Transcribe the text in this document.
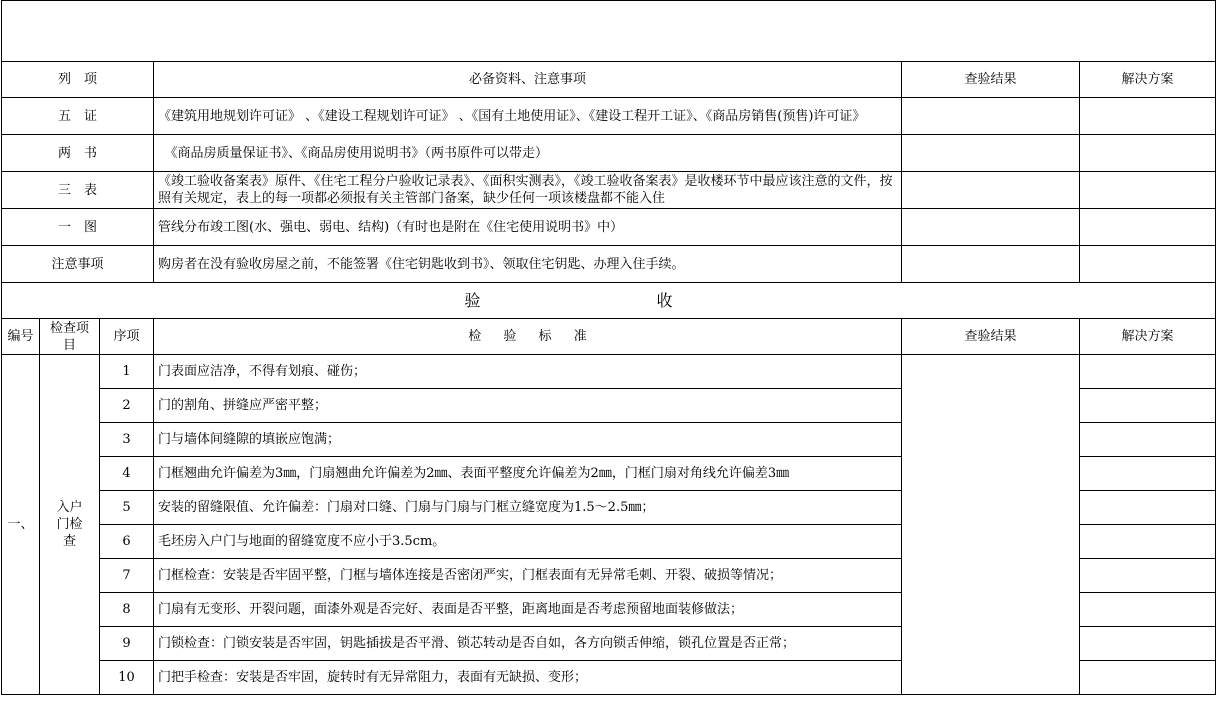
列　项			必备资料、注意事项	查验结果	解决方案
五　证			《建筑用地规划许可证》 、《建设工程规划许可证》 、《国有土地使用证》、《建设工程开工证》、《商品房销售(预售)许可证》		
两　书			　《商品房质量保证书》、《商品房使用说明书》（两书原件可以带走）		
三　表			《竣工验收备案表》原件、《住宅工程分户验收记录表》、《面积实测表》，《竣工验收备案表》是收楼环节中最应该注意的文件，按照有关规定，表上的每一项都必须报有关主管部门备案，缺少任何一项该楼盘都不能入住		
一　图			管线分布竣工图(水、强电、弱电、结构)（有时也是附在《住宅使用说明书》中）		
注意事项			购房者在没有验收房屋之前，不能签署《住宅钥匙收到书》、领取住宅钥匙、办理入住手续。		
验　收					
编号	检查项目	序项	检 验 标 准	查验结果	解决方案
一、	入户门检查	1	门表面应洁净，不得有划痕、碰伤；		
		2	门的割角、拼缝应严密平整；		
		3	门与墙体间缝隙的填嵌应饱满；		
		4	门框翘曲允许偏差为3㎜，门扇翘曲允许偏差为2㎜、表面平整度允许偏差为2㎜，门框门扇对角线允许偏差3㎜		
		5	安装的留缝限值、允许偏差：门扇对口缝、门扇与门扇与门框立缝宽度为1.5～2.5㎜；		
		6	毛坯房入户门与地面的留缝宽度不应小于3.5cm。		
		7	门框检查：安装是否牢固平整，门框与墙体连接是否密闭严实，门框表面有无异常毛刺、开裂、破损等情况；		
		8	门扇有无变形、开裂问题，面漆外观是否完好、表面是否平整，距离地面是否考虑预留地面装修做法；		
		9	门锁检查：门锁安装是否牢固，钥匙插拔是否平滑、锁芯转动是否自如，各方向锁舌伸缩，锁孔位置是否正常；		
		10	门把手检查：安装是否牢固，旋转时有无异常阻力，表面有无缺损、变形；		
